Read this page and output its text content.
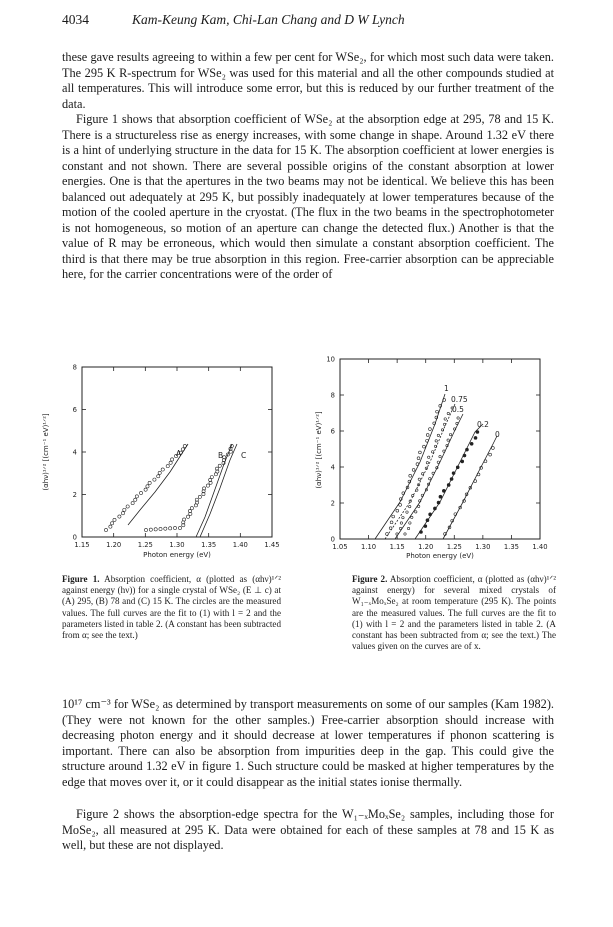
4034	Kam-Keung Kam, Chi-Lan Chang and D W Lynch

these gave results agreeing to within a few per cent for WSe₂, for which most such data were taken. The 295 K R-spectrum for WSe₂ was used for this material and all the other compounds studied at all temperatures. This will introduce some error, but this is reduced by our further treatment of the data.

Figure 1 shows that absorption coefficient of WSe₂ at the absorption edge at 295, 78 and 15 K. There is a structureless rise as energy increases, with some change in shape. Around 1.32 eV there is a hint of underlying structure in the data for 15 K. The absorption coefficient at lower energies is constant and not shown. There are several possible origins of the constant absorption at lower energies. One is that the apertures in the two beams may not be identical. We believe this has been balanced out adequately at 295 K, but possibly inadequately at lower temperatures because of the motion of the cooled aperture in the cryostat. (The flux in the two beams in the spectrophotometer is not homogeneous, so motion of an aperture can change the detected flux.) Another is that the value of R may be erroneous, which would then simulate a constant absorption coefficient. The third is that there may be true absorption in this region. Free-carrier absorption can be appreciable here, for the carrier concentrations were of the order of

1.15 1.20 1.25 1.30 1.35 1.40 1.45
0
2
4
6
8
Photon energy (eV)
(αhν)¹ᐟ² [(cm⁻¹ eV)¹ᐟ²]	A	B C

Figure 1. Absorption coefficient, α (plotted as (αhν)¹ᐟ² against energy (hν)) for a single crystal of WSe₂ (E ⊥ c) at (A) 295, (B) 78 and (C) 15 K. The circles are the measured values. The full curves are the fit to (1) with l = 2 and the parameters listed in table 2. (A constant has been subtracted from α; see the text.)

1.05 1.10 1.15 1.20 1.25 1.30 1.35 1.40
0
2
4
6
8
10
Photon energy (eV)
(αhν)¹ᐟ² [(cm⁻¹ eV)¹ᐟ²]
1
0.75
0.5
0.2
0

Figure 2. Absorption coefficient, α (plotted as (αhν)¹ᐟ² against energy) for several mixed crystals of W₁₋ₓMoₓSe₂ at room temperature (295 K). The points are the measured values. The full curves are the fit to (1) with l = 2 and the parameters listed in table 2. (A constant has been subtracted from α; see the text.) The values given on the curves are of x.

10¹⁷ cm⁻³ for WSe₂ as determined by transport measurements on some of our samples (Kam 1982). (They were not known for the other samples.) Free-carrier absorption should increase with decreasing photon energy and it should decrease at lower temperatures if phonon scattering is important. There can also be absorption from impurities deep in the gap. This could give the structure around 1.32 eV in figure 1. Such structure could be masked at higher temperatures by the edge that moves over it, or it could disappear as the initial states ionise thermally.

Figure 2 shows the absorption-edge spectra for the W₁₋ₓMoₓSe₂ samples, including those for MoSe₂, all measured at 295 K. Data were obtained for each of these samples at 78 and 15 K as well, but these are not displayed.
